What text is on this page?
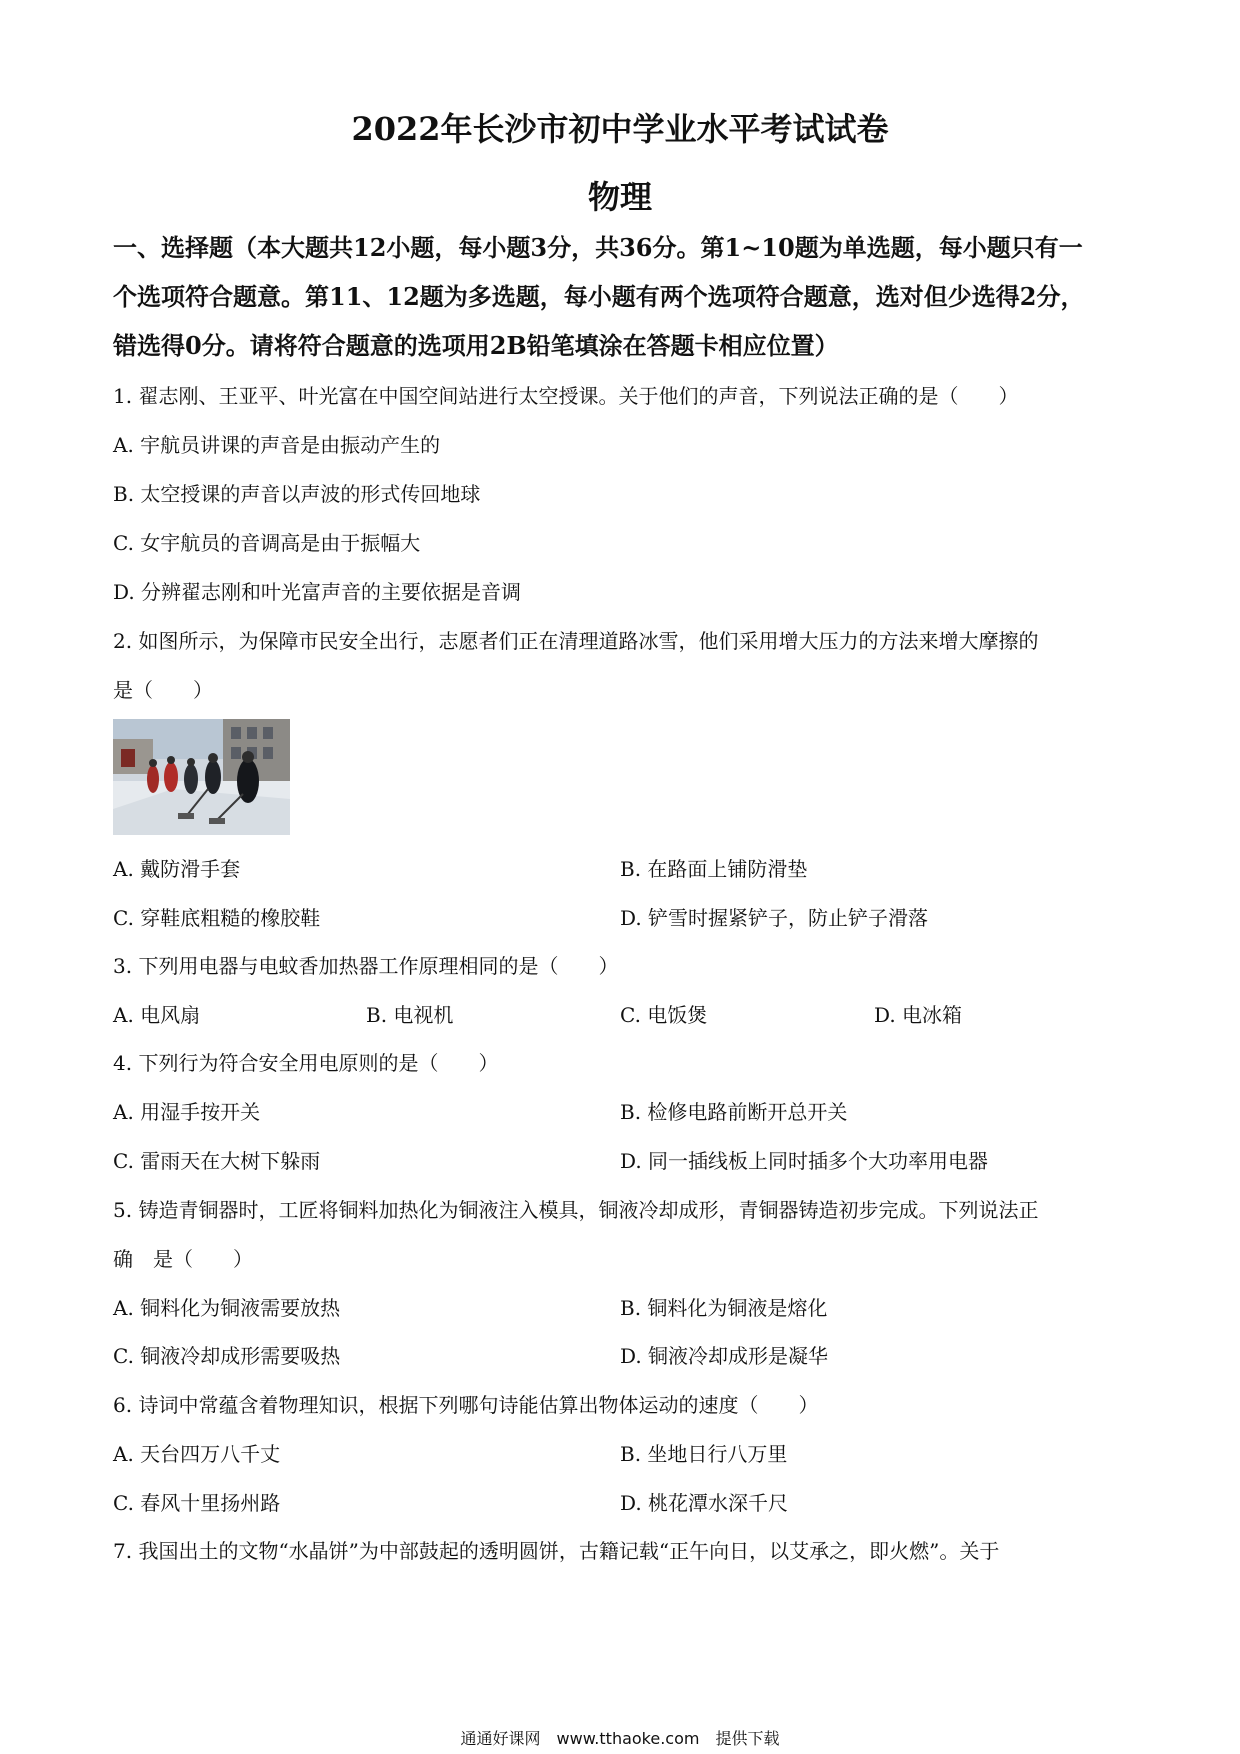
2022年长沙市初中学业水平考试试卷
物理
一、选择题（本大题共12小题，每小题3分，共36分。第1~10题为单选题，每小题只有一
个选项符合题意。第11、12题为多选题，每小题有两个选项符合题意，选对但少选得2分，
错选得0分。请将符合题意的选项用2B铅笔填涂在答题卡相应位置）
1. 翟志刚、王亚平、叶光富在中国空间站进行太空授课。关于他们的声音，下列说法正确的是（　　）
A. 宇航员讲课的声音是由振动产生的
B. 太空授课的声音以声波的形式传回地球
C. 女宇航员的音调高是由于振幅大
D. 分辨翟志刚和叶光富声音的主要依据是音调
2. 如图所示，为保障市民安全出行，志愿者们正在清理道路冰雪，他们采用增大压力的方法来增大摩擦的
是（　　）
A. 戴防滑手套	B. 在路面上铺防滑垫
C. 穿鞋底粗糙的橡胶鞋	D. 铲雪时握紧铲子，防止铲子滑落
3. 下列用电器与电蚊香加热器工作原理相同的是（　　）
A. 电风扇	B. 电视机	C. 电饭煲	D. 电冰箱
4. 下列行为符合安全用电原则的是（　　）
A. 用湿手按开关	B. 检修电路前断开总开关
C. 雷雨天在大树下躲雨	D. 同一插线板上同时插多个大功率用电器
5. 铸造青铜器时，工匠将铜料加热化为铜液注入模具，铜液冷却成形，青铜器铸造初步完成。下列说法正
确　是（　　）
A. 铜料化为铜液需要放热	B. 铜料化为铜液是熔化
C. 铜液冷却成形需要吸热	D. 铜液冷却成形是凝华
6. 诗词中常蕴含着物理知识，根据下列哪句诗能估算出物体运动的速度（　　）
A. 天台四万八千丈	B. 坐地日行八万里
C. 春风十里扬州路	D. 桃花潭水深千尺
7. 我国出土的文物“水晶饼”为中部鼓起的透明圆饼，古籍记载“正午向日，以艾承之，即火燃”。关于
通通好课网　www.tthaoke.com　提供下载
